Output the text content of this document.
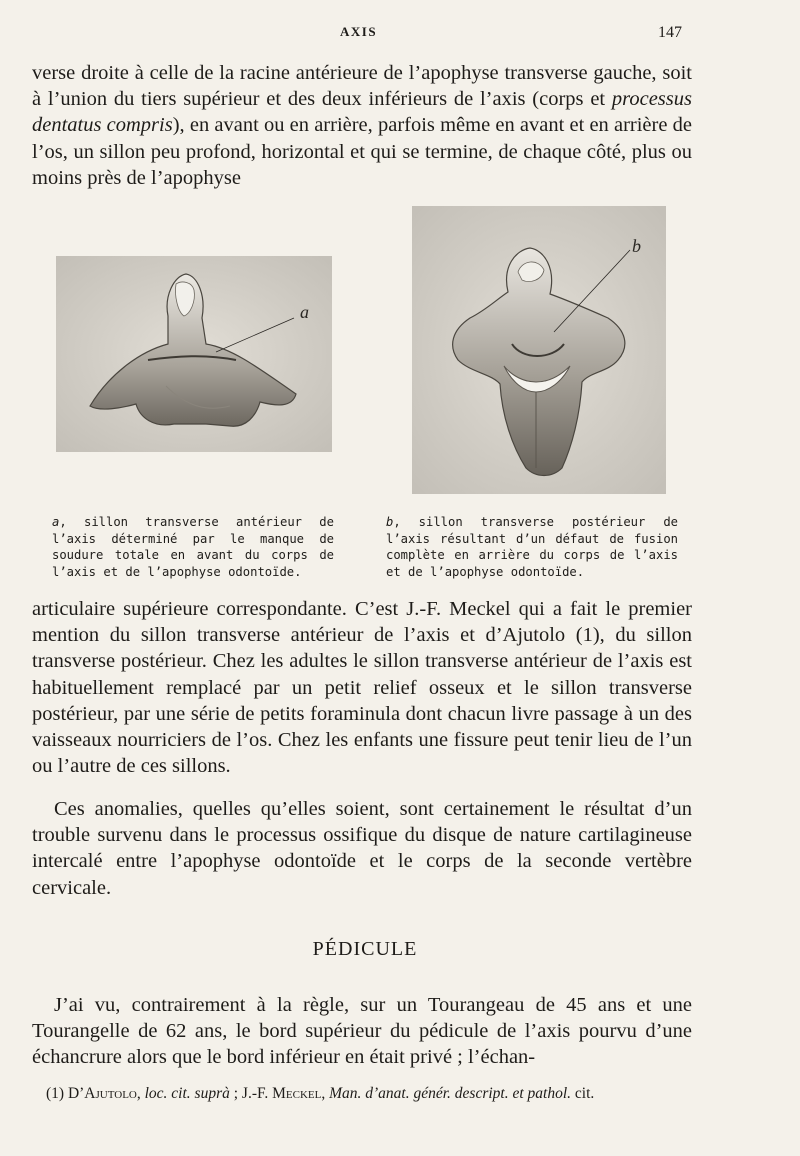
AXIS	147

verse droite à celle de la racine antérieure de l’apophyse transverse gauche, soit à l’union du tiers supérieur et des deux inférieurs de l’axis (corps et processus dentatus compris), en avant ou en arrière, parfois même en avant et en arrière de l’os, un sillon peu profond, horizontal et qui se termine, de chaque côté, plus ou moins près de l’apophyse

a
b

a, sillon transverse antérieur de l’axis déterminé par le manque de soudure totale en avant du corps de l’axis et de l’apophyse odontoïde.

b, sillon transverse postérieur de l’axis résultant d’un défaut de fusion complète en arrière du corps de l’axis et de l’apophyse odontoïde.

articulaire supérieure correspondante. C’est J.-F. Meckel qui a fait le premier mention du sillon transverse antérieur de l’axis et d’Ajutolo (1), du sillon transverse postérieur. Chez les adultes le sillon transverse antérieur de l’axis est habituellement remplacé par un petit relief osseux et le sillon transverse postérieur, par une série de petits foraminula dont chacun livre passage à un des vaisseaux nourriciers de l’os. Chez les enfants une fissure peut tenir lieu de l’un ou l’autre de ces sillons.

Ces anomalies, quelles qu’elles soient, sont certainement le résultat d’un trouble survenu dans le processus ossifique du disque de nature cartilagineuse intercalé entre l’apophyse odontoïde et le corps de la seconde vertèbre cervicale.

PÉDICULE

J’ai vu, contrairement à la règle, sur un Tourangeau de 45 ans et une Tourangelle de 62 ans, le bord supérieur du pédicule de l’axis pourvu d’une échancrure alors que le bord inférieur en était privé ; l’échan-

(1) D’Ajutolo, loc. cit. suprà ; J.-F. Meckel, Man. d’anat. génér. descript. et pathol. cit.
